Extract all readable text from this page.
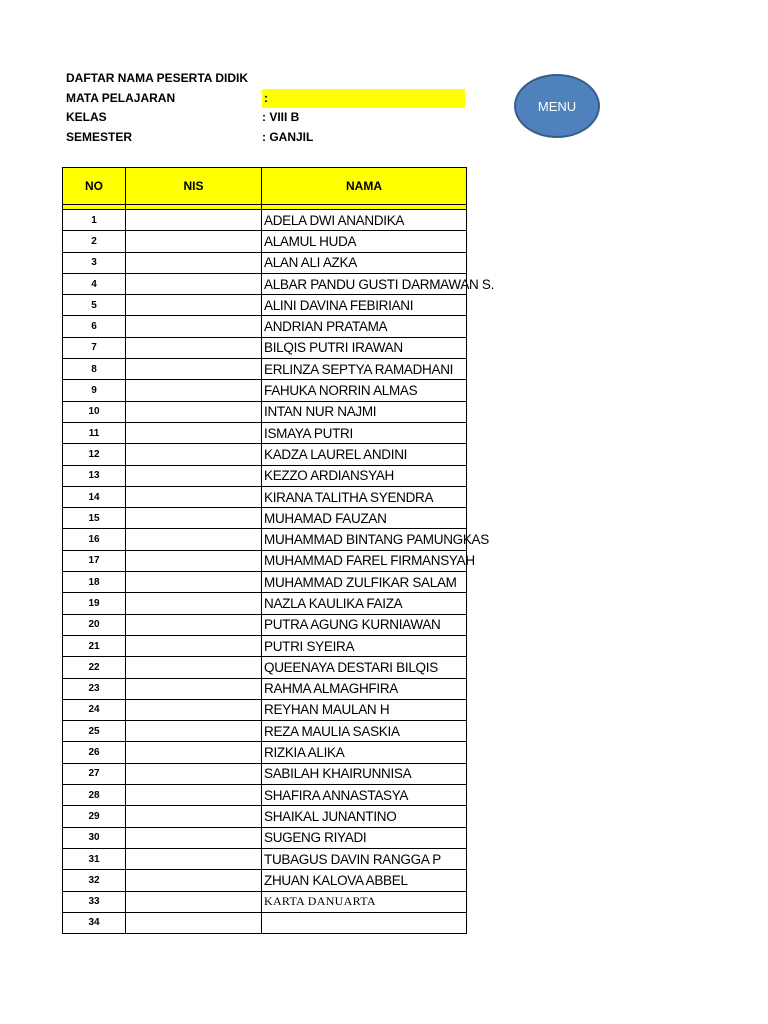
DAFTAR NAMA PESERTA DIDIK
MATA PELAJARAN	:
KELAS	: VIII B
SEMESTER	: GANJIL
MENU
NO	NIS	NAMA

1		ADELA DWI ANANDIKA
2		ALAMUL HUDA
3		ALAN ALI AZKA
4		ALBAR PANDU GUSTI DARMAWAN S.
5		ALINI DAVINA FEBIRIANI
6		ANDRIAN PRATAMA
7		BILQIS PUTRI IRAWAN
8		ERLINZA SEPTYA RAMADHANI
9		FAHUKA NORRIN ALMAS
10		INTAN NUR NAJMI
11		ISMAYA PUTRI
12		KADZA LAUREL ANDINI
13		KEZZO ARDIANSYAH
14		KIRANA TALITHA SYENDRA
15		MUHAMAD FAUZAN
16		MUHAMMAD BINTANG PAMUNGKAS
17		MUHAMMAD FAREL FIRMANSYAH
18		MUHAMMAD ZULFIKAR SALAM
19		NAZLA KAULIKA FAIZA
20		PUTRA AGUNG KURNIAWAN
21		PUTRI SYEIRA
22		QUEENAYA DESTARI BILQIS
23		RAHMA ALMAGHFIRA
24		REYHAN MAULAN H
25		REZA MAULIA SASKIA
26		RIZKIA ALIKA
27		SABILAH KHAIRUNNISA
28		SHAFIRA ANNASTASYA
29		SHAIKAL JUNANTINO
30		SUGENG RIYADI
31		TUBAGUS DAVIN RANGGA P
32		ZHUAN KALOVA ABBEL
33		KARTA DANUARTA
34		
